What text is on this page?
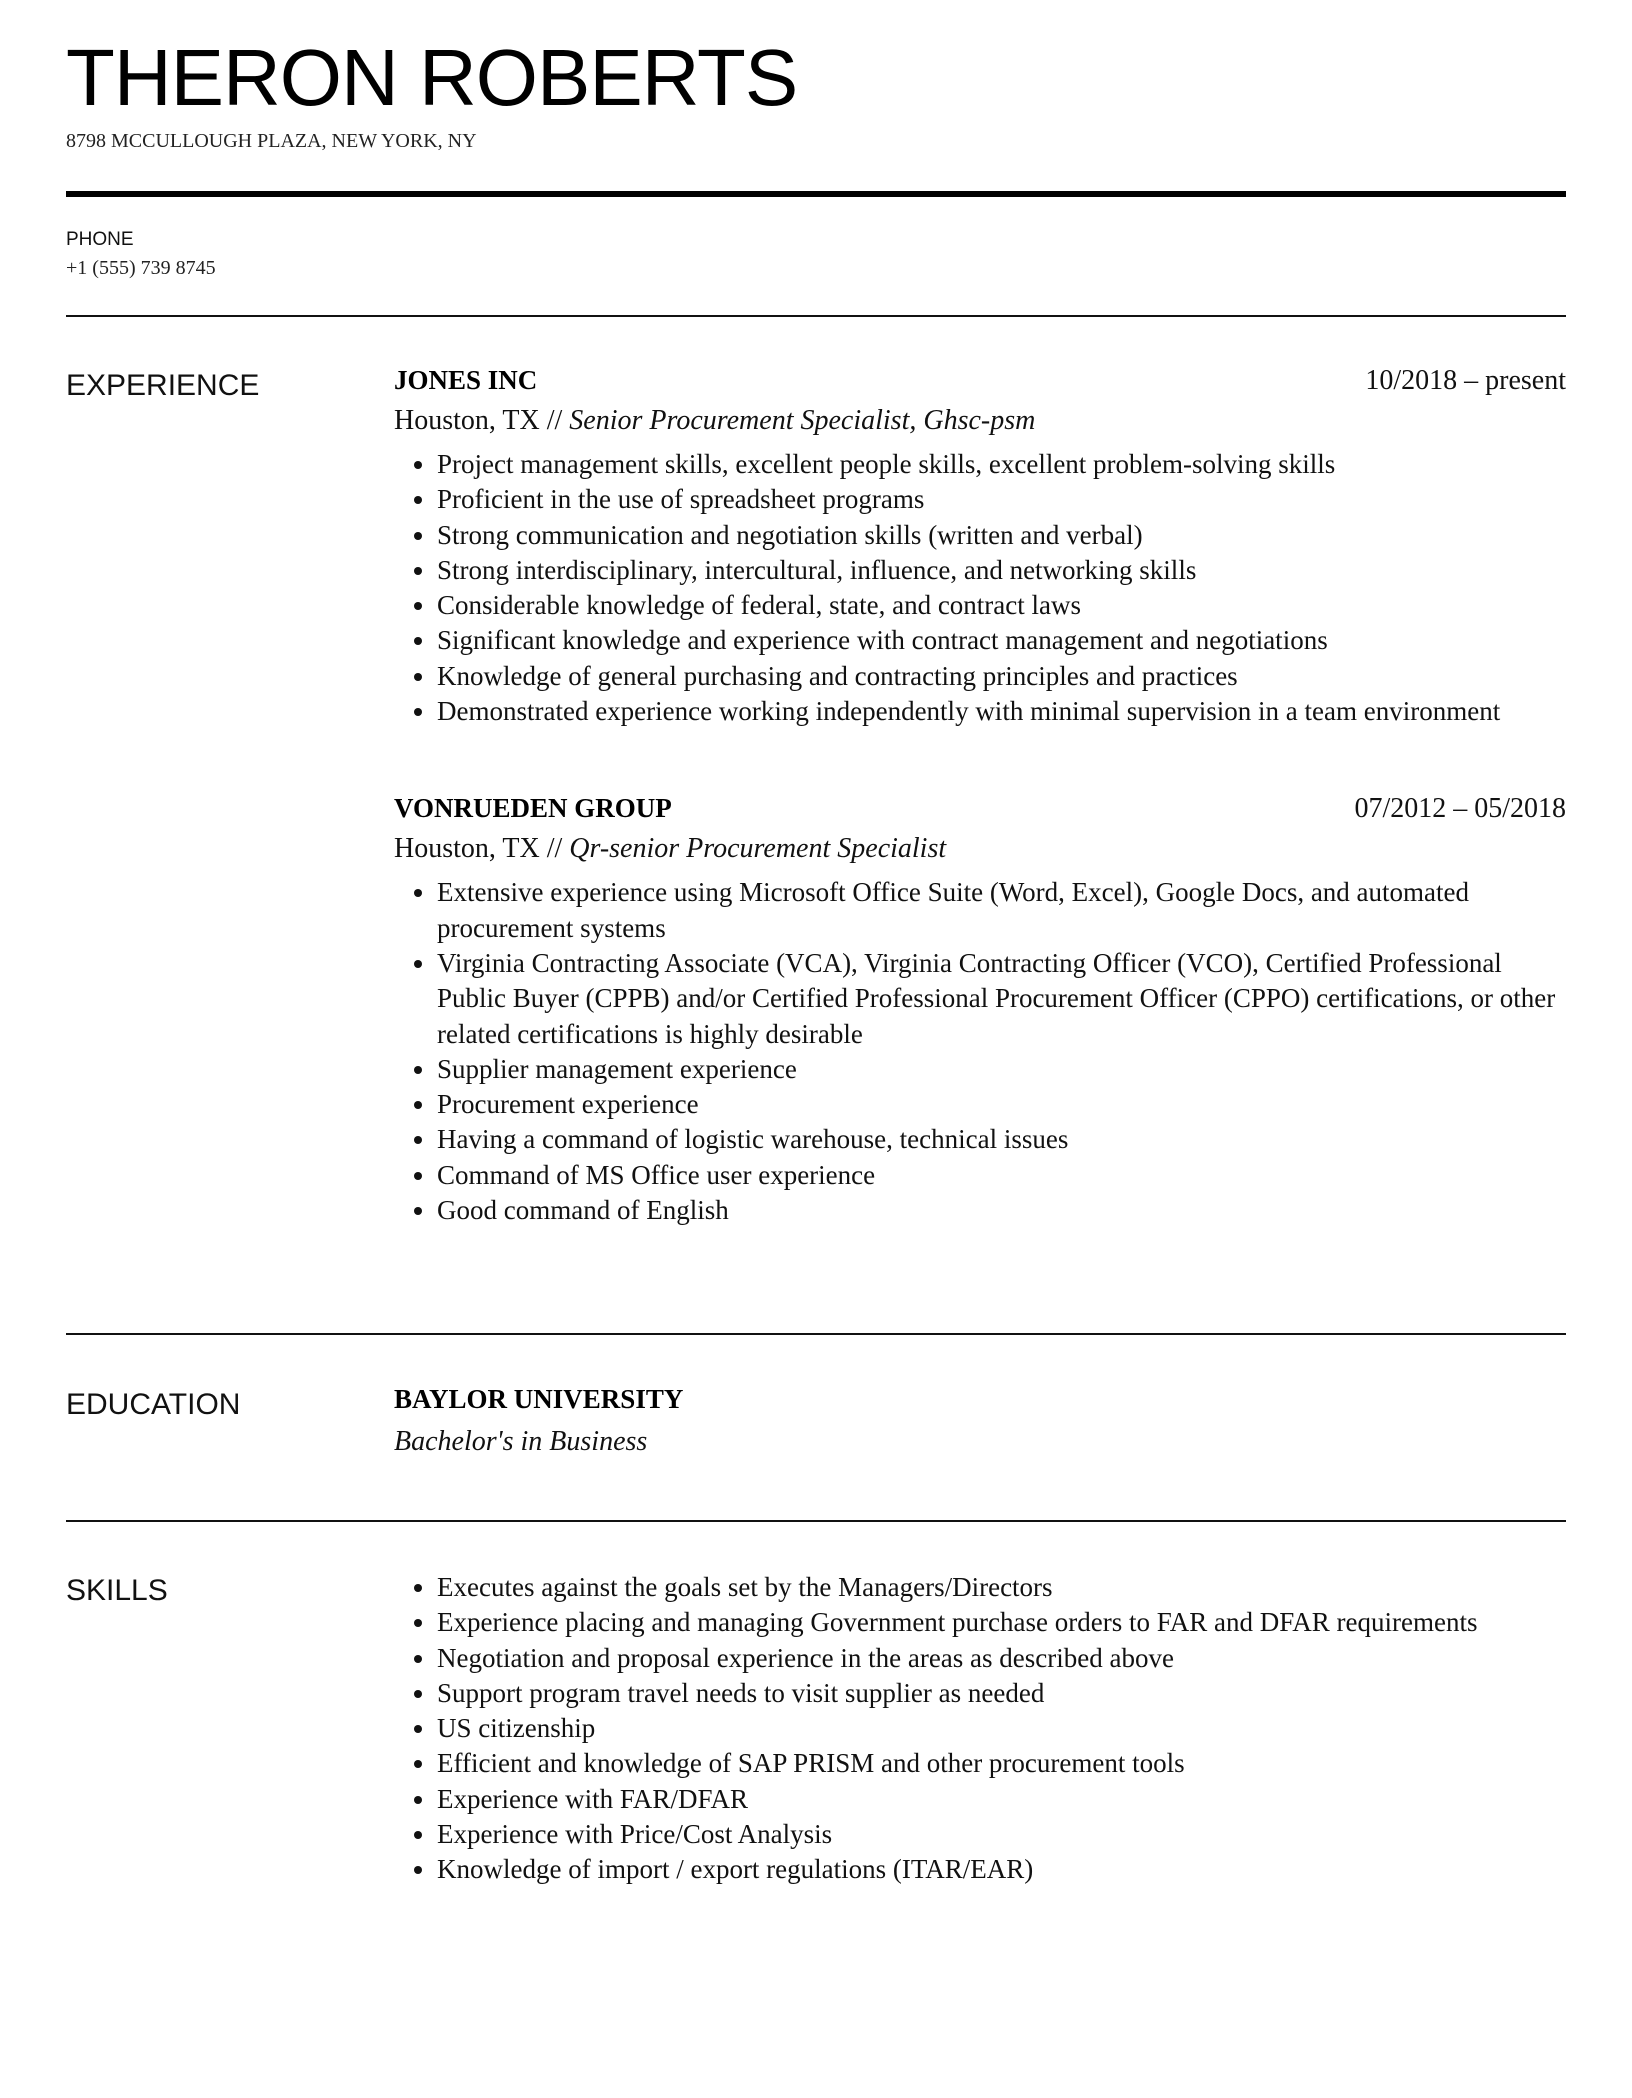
THERON ROBERTS
8798 MCCULLOUGH PLAZA, NEW YORK, NY
PHONE
+1 (555) 739 8745
EXPERIENCE	JONES INC	10/2018 – present
Houston, TX // Senior Procurement Specialist, Ghsc-psm
• Project management skills, excellent people skills, excellent problem-solving skills
• Proficient in the use of spreadsheet programs
• Strong communication and negotiation skills (written and verbal)
• Strong interdisciplinary, intercultural, influence, and networking skills
• Considerable knowledge of federal, state, and contract laws
• Significant knowledge and experience with contract management and negotiations
• Knowledge of general purchasing and contracting principles and practices
• Demonstrated experience working independently with minimal supervision in a team environment
VONRUEDEN GROUP	07/2012 – 05/2018
Houston, TX // Qr-senior Procurement Specialist
• Extensive experience using Microsoft Office Suite (Word, Excel), Google Docs, and automated procurement systems
• Virginia Contracting Associate (VCA), Virginia Contracting Officer (VCO), Certified Professional Public Buyer (CPPB) and/or Certified Professional Procurement Officer (CPPO) certifications, or other related certifications is highly desirable
• Supplier management experience
• Procurement experience
• Having a command of logistic warehouse, technical issues
• Command of MS Office user experience
• Good command of English
EDUCATION	BAYLOR UNIVERSITY
Bachelor's in Business
SKILLS
•	Executes against the goals set by the Managers/Directors
• Experience placing and managing Government purchase orders to FAR and DFAR requirements
• Negotiation and proposal experience in the areas as described above
• Support program travel needs to visit supplier as needed
• US citizenship
• Efficient and knowledge of SAP PRISM and other procurement tools
• Experience with FAR/DFAR
• Experience with Price/Cost Analysis
• Knowledge of import / export regulations (ITAR/EAR)
